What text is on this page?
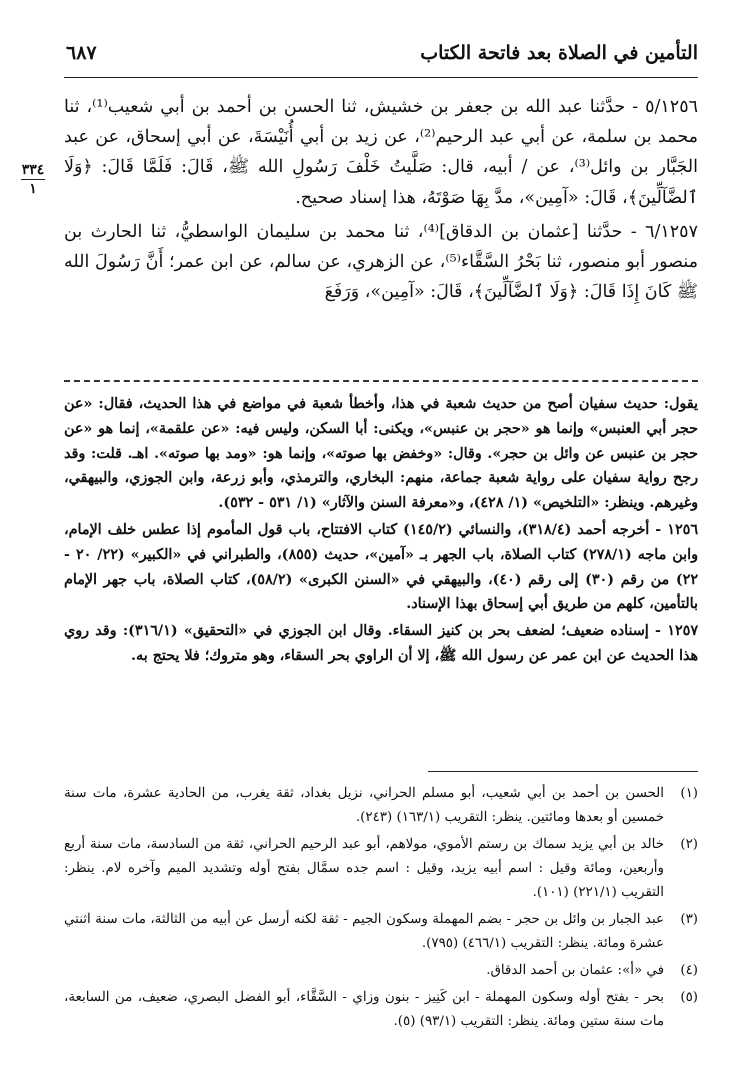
التأمين في الصلاة بعد فاتحة الكتاب
٦٨٧
٣٣٤
١

٥/١٢٥٦ - حدَّثنا عبد الله بن جعفر بن خشيش، ثنا الحسن بن أحمد بن أبي شعيب⁽¹⁾، ثنا محمد بن سلمة، عن أبي عبد الرحيم⁽²⁾، عن زيد بن أبي أُنَيْسَةَ، عن أبي إسحاق، عن عبد الجَبَّار بن وائل⁽³⁾، عن / أبيه، قال: صَلَّيتُ خَلْفَ رَسُولِ الله ﷺ، قَالَ: فَلَمَّا قَالَ: ﴿وَلَا ٱلضَّآلِّينَ﴾، قَالَ: «آمِين»، مدَّ بِهَا صَوْتَهُ، هذا إسناد صحيح.

٦/١٢٥٧ - حدَّثنا [عثمان بن الدقاق]⁽⁴⁾، ثنا محمد بن سليمان الواسطيُّ، ثنا الحارث بن منصور أبو منصور، ثنا بَحْرُ السَّقَّاء⁽⁵⁾، عن الزهري، عن سالم، عن ابن عمر؛ أَنَّ رَسُولَ الله ﷺ كَانَ إِذَا قَالَ: ﴿وَلَا ٱلضَّآلِّينَ﴾، قَالَ: «آمِين»، وَرَفَعَ

يقول: حديث سفيان أصح من حديث شعبة في هذا، وأخطأ شعبة في مواضع في هذا الحديث، فقال: «عن حجر أبي العنبس» وإنما هو «حجر بن عنبس»، ويكنى: أبا السكن، وليس فيه: «عن علقمة»، إنما هو «عن حجر بن عنبس عن وائل بن حجر». وقال: «وخفض بها صوته»، وإنما هو: «ومد بها صوته». اهـ. قلت: وقد رجح رواية سفيان على رواية شعبة جماعة، منهم: البخاري، والترمذي، وأبو زرعة، وابن الجوزي، والبيهقي، وغيرهم. وينظر: «التلخيص» (١/ ٤٢٨)، و«معرفة السنن والآثار» (١/ ٥٣١ - ٥٣٢).

١٢٥٦ - أخرجه أحمد (٣١٨/٤)، والنسائي (١٤٥/٢) كتاب الافتتاح، باب قول المأموم إذا عطس خلف الإمام، وابن ماجه (٢٧٨/١) كتاب الصلاة، باب الجهر بـ «آمين»، حديث (٨٥٥)، والطبراني في «الكبير» (٢٢/ ٢٠ - ٢٢) من رقم (٣٠) إلى رقم (٤٠)، والبيهقي في «السنن الكبرى» (٥٨/٢)، كتاب الصلاة، باب جهر الإمام بالتأمين، كلهم من طريق أبي إسحاق بهذا الإسناد.

١٢٥٧ - إسناده ضعيف؛ لضعف بحر بن كنيز السقاء. وقال ابن الجوزي في «التحقيق» (٣١٦/١): وقد روي هذا الحديث عن ابن عمر عن رسول الله ﷺ، إلا أن الراوي بحر السقاء، وهو متروك؛ فلا يحتج به.

(١)
الحسن بن أحمد بن أبي شعيب، أبو مسلم الحراني، نزيل بغداد، ثقة يغرب، من الحادية عشرة، مات سنة خمسين أو بعدها ومائتين. ينظر: التقريب (١٦٣/١) (٢٤٣).
(٢)
خالد بن أبي يزيد سماك بن رستم الأموي، مولاهم، أبو عبد الرحيم الحراني، ثقة من السادسة، مات سنة أربع وأربعين، ومائة وقيل : اسم أبيه يزيد، وقيل : اسم جده سمَّال بفتح أوله وتشديد الميم وآخره لام. ينظر: التقريب (٢٢١/١) (١٠١).
(٣)
عبد الجبار بن وائل بن حجر - بضم المهملة وسكون الجيم - ثقة لكنه أرسل عن أبيه من الثالثة، مات سنة اثنتي عشرة ومائة. ينظر: التقريب (٤٦٦/١) (٧٩٥).
(٤)
في «أ»: عثمان بن أحمد الدقاق.
(٥)
بحر - بفتح أوله وسكون المهملة - ابن كَنِيز - بنون وزاي - السَّقَّاء، أبو الفضل البصري، ضعيف، من السابعة، مات سنة ستين ومائة. ينظر: التقريب (٩٣/١) (٥).
